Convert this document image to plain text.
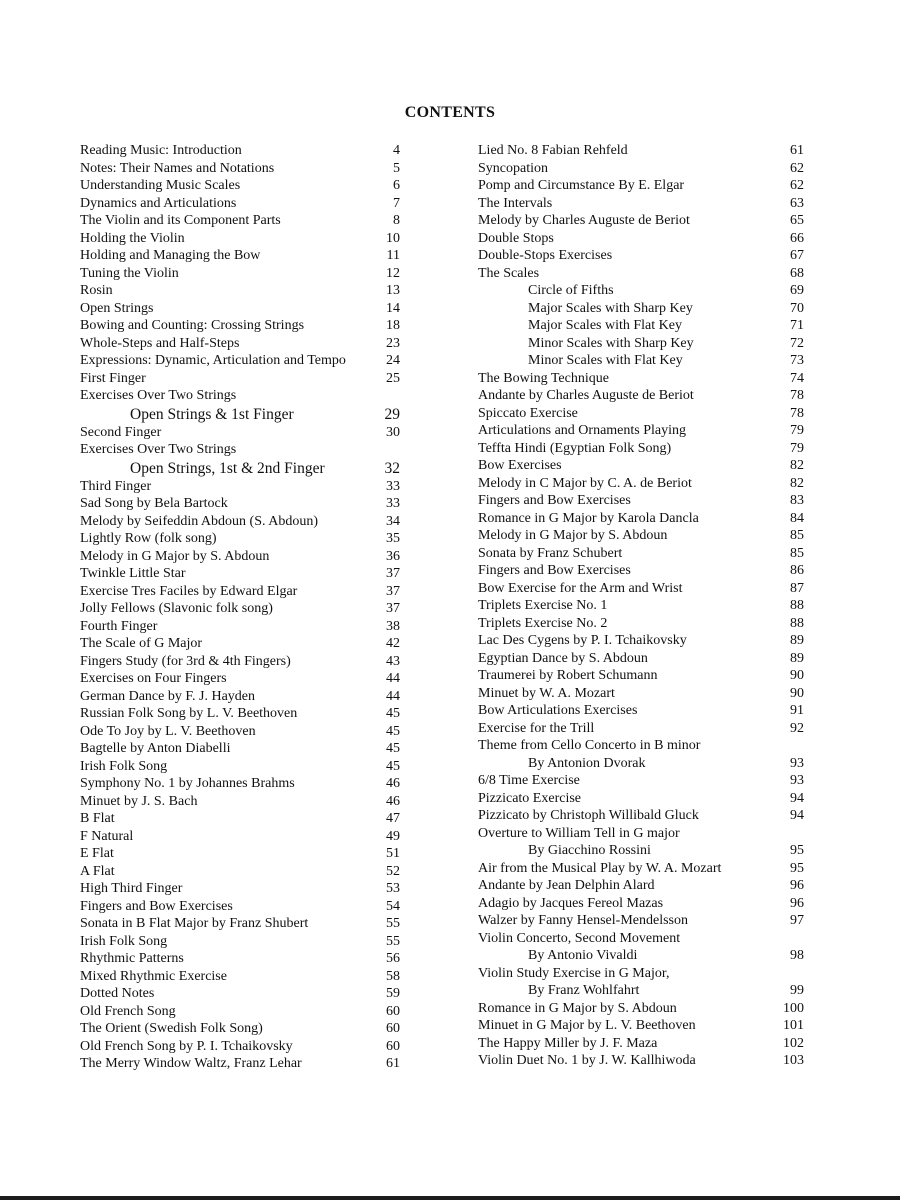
CONTENTS
Reading Music: Introduction	4
Notes: Their Names and Notations	5
Understanding Music Scales	6
Dynamics and Articulations	7
The Violin and its Component Parts	8
Holding the Violin	10
Holding and Managing the Bow	11
Tuning the Violin	12
Rosin	13
Open Strings	14
Bowing and Counting: Crossing Strings	18
Whole-Steps and Half-Steps	23
Expressions: Dynamic, Articulation and Tempo	24
First Finger	25
Exercises Over Two Strings
Open Strings & 1st Finger	29
Second Finger	30
Exercises Over Two Strings
Open Strings, 1st & 2nd Finger	32
Third Finger	33
Sad Song by Bela Bartock	33
Melody by Seifeddin Abdoun (S. Abdoun)	34
Lightly Row (folk song)	35
Melody in G Major by S. Abdoun	36
Twinkle Little Star	37
Exercise Tres Faciles by Edward Elgar	37
Jolly Fellows (Slavonic folk song)	37
Fourth Finger	38
The Scale of G Major	42
Fingers Study (for 3rd & 4th Fingers)	43
Exercises on Four Fingers	44
German Dance by F. J. Hayden	44
Russian Folk Song by L. V. Beethoven	45
Ode To Joy by L. V. Beethoven	45
Bagtelle by Anton Diabelli	45
Irish Folk Song	45
Symphony No. 1 by Johannes Brahms	46
Minuet by J. S. Bach	46
B Flat	47
F Natural	49
E Flat	51
A Flat	52
High Third Finger	53
Fingers and Bow Exercises	54
Sonata in B Flat Major by Franz Shubert	55
Irish Folk Song	55
Rhythmic Patterns	56
Mixed Rhythmic Exercise	58
Dotted Notes	59
Old French Song	60
The Orient (Swedish Folk Song)	60
Old French Song by P. I. Tchaikovsky	60
The Merry Window Waltz, Franz Lehar	61
Lied No. 8 Fabian Rehfeld	61
Syncopation	62
Pomp and Circumstance By E. Elgar	62
The Intervals	63
Melody by Charles Auguste de Beriot	65
Double Stops	66
Double-Stops Exercises	67
The Scales	68
Circle of Fifths	69
Major Scales with Sharp Key	70
Major Scales with Flat Key	71
Minor Scales with Sharp Key	72
Minor Scales with Flat Key	73
The Bowing Technique	74
Andante by Charles Auguste de Beriot	78
Spiccato Exercise	78
Articulations and Ornaments Playing	79
Teffta Hindi (Egyptian Folk Song)	79
Bow Exercises	82
Melody in C Major by C. A. de Beriot	82
Fingers and Bow Exercises	83
Romance in G Major by Karola Dancla	84
Melody in G Major by S. Abdoun	85
Sonata by Franz Schubert	85
Fingers and Bow Exercises	86
Bow Exercise for the Arm and Wrist	87
Triplets Exercise No. 1	88
Triplets Exercise No. 2	88
Lac Des Cygens by P. I. Tchaikovsky	89
Egyptian Dance by S. Abdoun	89
Traumerei by Robert Schumann	90
Minuet by W. A. Mozart	90
Bow Articulations Exercises	91
Exercise for the Trill	92
Theme from Cello Concerto in B minor
By Antonion Dvorak	93
6/8 Time Exercise	93
Pizzicato Exercise	94
Pizzicato by Christoph Willibald Gluck	94
Overture to William Tell in G major
By Giacchino Rossini	95
Air from the Musical Play by W. A. Mozart	95
Andante by Jean Delphin Alard	96
Adagio by Jacques Fereol Mazas	96
Walzer by Fanny Hensel-Mendelsson	97
Violin Concerto, Second Movement
By Antonio Vivaldi	98
Violin Study Exercise in G Major,
By Franz Wohlfahrt	99
Romance in G Major by S. Abdoun	100
Minuet in G Major by L. V. Beethoven	101
The Happy Miller by J. F. Maza	102
Violin Duet No. 1 by J. W. Kallhiwoda	103
